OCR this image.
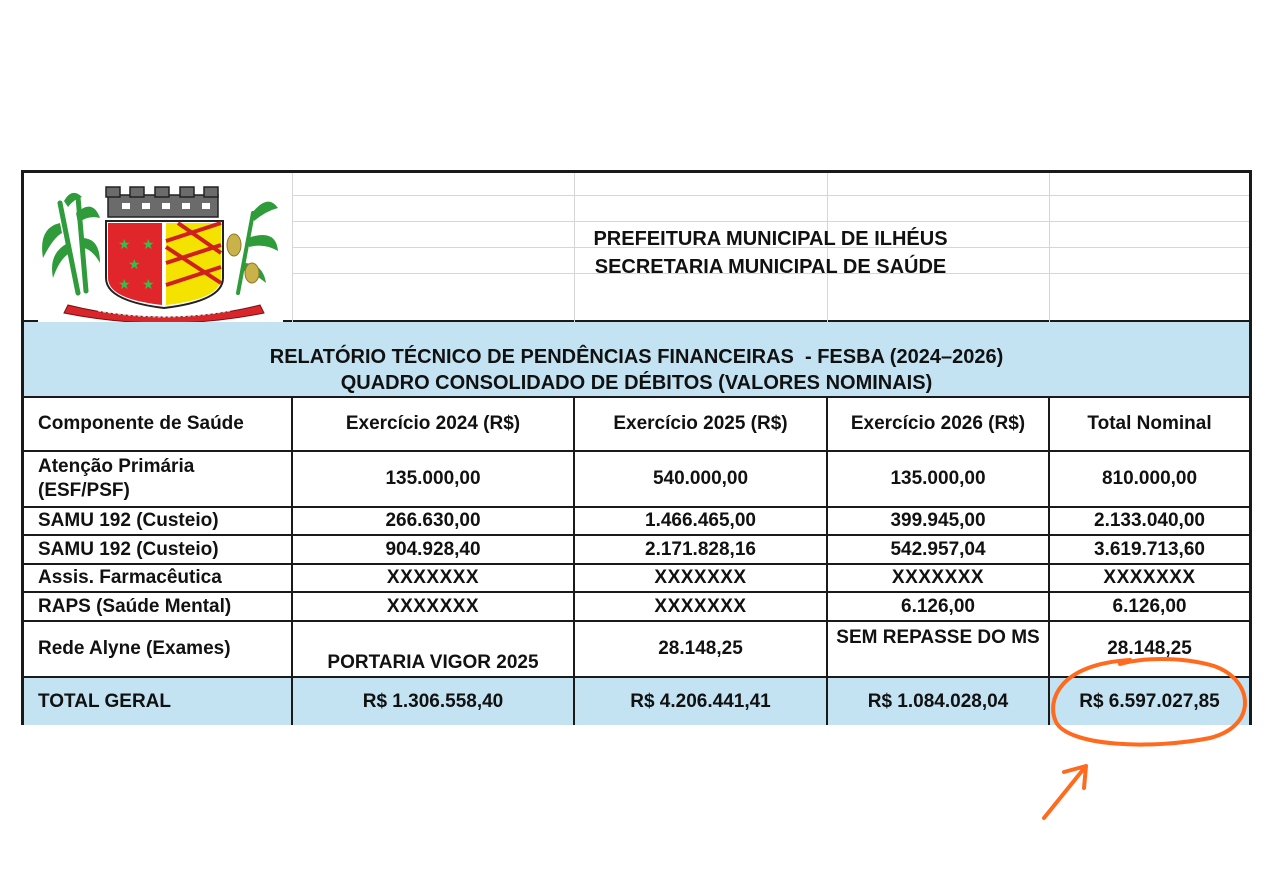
★ ★
★
★ ★
PREFEITURA MUNICIPAL DE ILHÉUS
SECRETARIA MUNICIPAL DE SAÚDE
RELATÓRIO TÉCNICO DE PENDÊNCIAS FINANCEIRAS  - FESBA (2024–2026)
QUADRO CONSOLIDADO DE DÉBITOS (VALORES NOMINAIS)
Componente de Saúde	Exercício 2024 (R$)	Exercício 2025 (R$)	Exercício 2026 (R$)	Total Nominal
Atenção Primária (ESF/PSF)	135.000,00	540.000,00	135.000,00	810.000,00
SAMU 192 (Custeio)	266.630,00	1.466.465,00	399.945,00	2.133.040,00
SAMU 192 (Custeio)	904.928,40	2.171.828,16	542.957,04	3.619.713,60
Assis. Farmacêutica	XXXXXXX	XXXXXXX	XXXXXXX	XXXXXXX
RAPS (Saúde Mental)	XXXXXXX	XXXXXXX	6.126,00	6.126,00
Rede Alyne (Exames)	PORTARIA VIGOR 2025	28.148,25	SEM REPASSE DO MS	28.148,25
TOTAL GERAL	R$ 1.306.558,40	R$ 4.206.441,41	R$ 1.084.028,04	R$ 6.597.027,85
